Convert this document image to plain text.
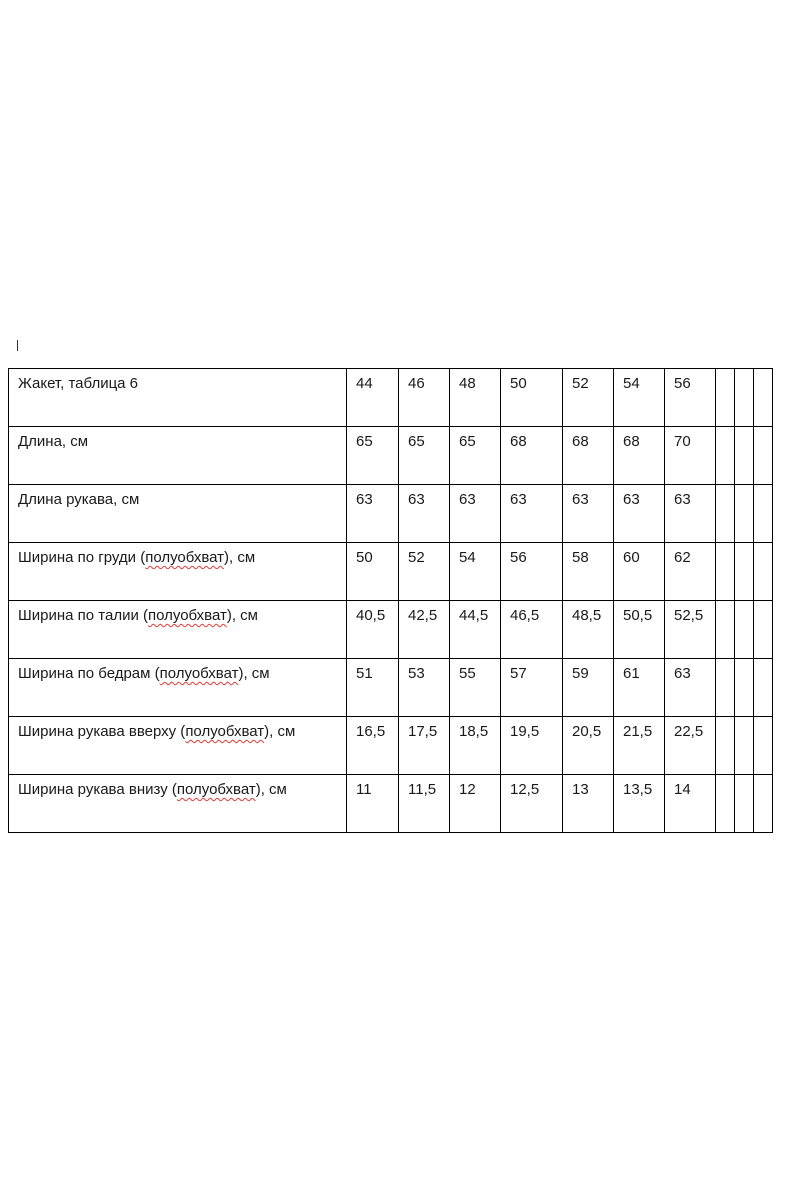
Жакет, таблица 6	44	46	48	50	52	54	56			
Длина, см	65	65	65	68	68	68	70			
Длина рукава, см	63	63	63	63	63	63	63			
Ширина по груди (полуобхват), см	50	52	54	56	58	60	62			
Ширина по талии (полуобхват), см	40,5	42,5	44,5	46,5	48,5	50,5	52,5			
Ширина по бедрам (полуобхват), см	51	53	55	57	59	61	63			
Ширина рукава вверху (полуобхват), см	16,5	17,5	18,5	19,5	20,5	21,5	22,5			
Ширина рукава внизу (полуобхват), см	11	11,5	12	12,5	13	13,5	14			
